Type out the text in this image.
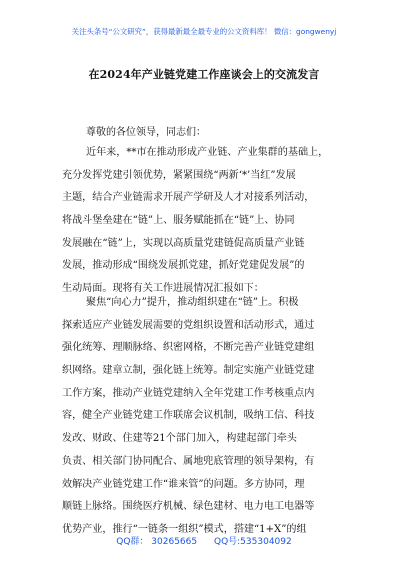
关注头条号“公文研究”，获得最新最全最专业的公文资料库！ 微信：gongwenyj
在2024年产业链党建工作座谈会上的交流发言
尊敬的各位领导，同志们：
近年来，**市在推动形成产业链、产业集群的基础上，
充分发挥党建引领优势，紧紧围绕“两新‘*’当红”发展
主题，结合产业链需求开展产学研及人才对接系列活动，
将战斗堡垒建在“链”上、服务赋能抓在“链”上、协同
发展融在“链”上，实现以高质量党建链促高质量产业链
发展，推动形成“围绕发展抓党建，抓好党建促发展”的
生动局面。现将有关工作进展情况汇报如下：
聚焦“向心力”提升，推动组织建在“链”上。积极
探索适应产业链发展需要的党组织设置和活动形式，通过
强化统筹、理顺脉络、织密网格，不断完善产业链党建组
织网络。建章立制，强化链上统筹。制定实施产业链党建
工作方案，推动产业链党建纳入全年党建工作考核重点内
容，健全产业链党建工作联席会议机制，吸纳工信、科技
发改、财政、住建等21个部门加入，构建起部门牵头
负责、相关部门协同配合、属地兜底管理的领导架构，有
效解决产业链党建工作“谁来管”的问题。多方协同，理
顺链上脉络。围绕医疗机械、绿色建材、电力电工电器等
优势产业，推行“一链条一组织”模式，搭建“1+X”的组
QQ群： 30265665 QQ号:535304092
